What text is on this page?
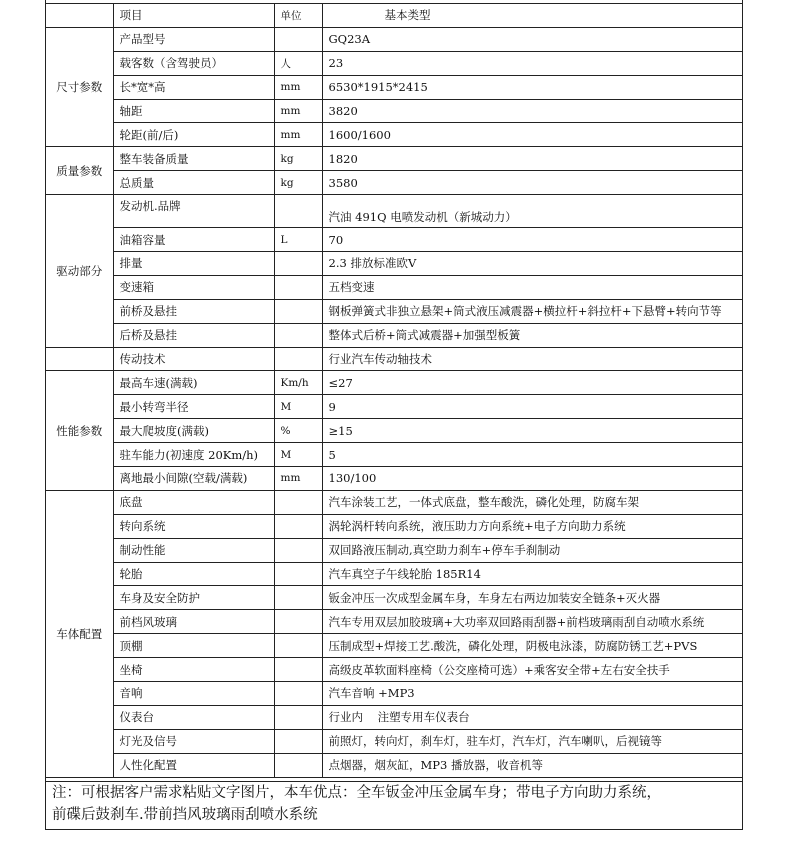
	项目	单位	基本类型
尺寸参数	产品型号		GQ23A
	载客数（含驾驶员）	人	23
	长*宽*高	mm	6530*1915*2415
	轴距	mm	3820
	轮距(前/后)	mm	1600/1600
质量参数	整车装备质量	kg	1820
	总质量	kg	3580
驱动部分	发动机.品牌		汽油 491Q 电喷发动机（新城动力）
	油箱容量	L	70
	排量		2.3 排放标准欧Ⅴ
	变速箱		五档变速
	前桥及悬挂		钢板弹簧式非独立悬架+筒式液压减震器+横拉杆+斜拉杆+下悬臂+转向节等
	后桥及悬挂		整体式后桥+筒式减震器+加强型板簧
	传动技术		行业汽车传动轴技术
性能参数	最高车速(满载)	Km/h	≤27
	最小转弯半径	M	9
	最大爬坡度(满载)	%	≥15
	驻车能力(初速度 20Km/h)	M	5
	离地最小间隙(空载/满载)	mm	130/100
车体配置	底盘		汽车涂装工艺，一体式底盘，整车酸洗，磷化处理，防腐车架
	转向系统		涡轮涡杆转向系统，液压助力方向系统+电子方向助力系统
	制动性能		双回路液压制动,真空助力刹车+停车手刹制动
	轮胎		汽车真空子午线轮胎 185R14
	车身及安全防护		钣金冲压一次成型金属车身，车身左右两边加装安全链条+灭火器
	前档风玻璃		汽车专用双层加胶玻璃+大功率双回路雨刮器+前档玻璃雨刮自动喷水系统
	顶棚		压制成型+焊接工艺.酸洗，磷化处理，阴极电泳漆，防腐防锈工艺+PVS
	坐椅		高级皮革软面料座椅（公交座椅可选）+乘客安全带+左右安全扶手
	音响		汽车音响 +MP3
	仪表台		行业内    注塑专用车仪表台
	灯光及信号		前照灯，转向灯，刹车灯，驻车灯，汽车灯，汽车喇叭，后视镜等
	人性化配置		点烟器，烟灰缸，MP3 播放器，收音机等
注：可根据客户需求粘贴文字图片，本车优点：全车钣金冲压金属车身；带电子方向助力系统，
前碟后鼓刹车.带前挡风玻璃雨刮喷水系统
